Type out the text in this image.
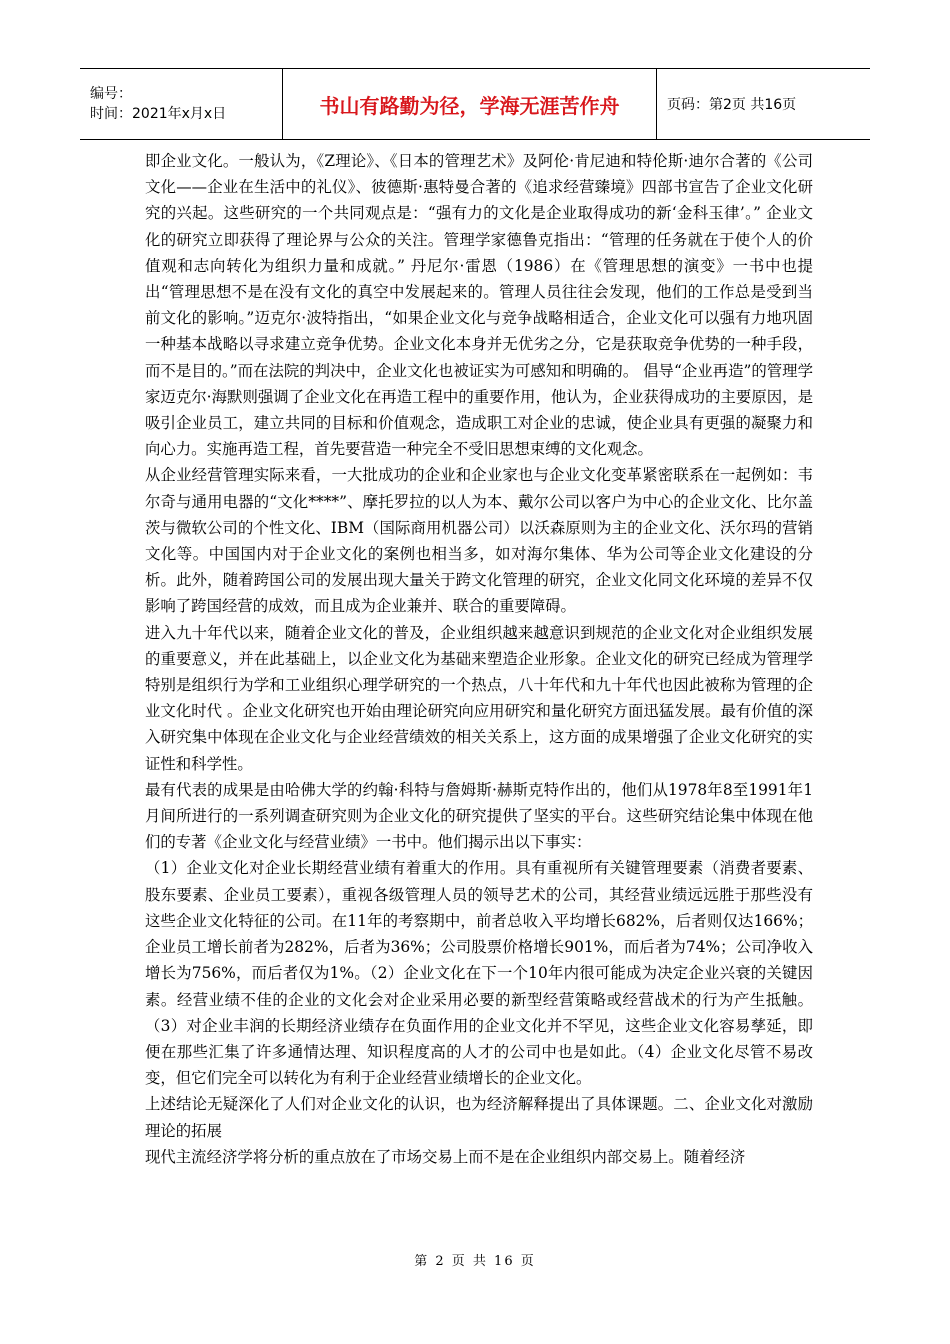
编号：
时间：2021年x月x日	书山有路勤为径，学海无涯苦作舟	页码：第2页 共16页

即企业文化。一般认为，《Z理论》、《日本的管理艺术》及阿伦·肯尼迪和特伦斯·迪尔合著的《公司文化——企业在生活中的礼仪》、彼德斯·惠特曼合著的《追求经营臻境》四部书宣告了企业文化研究的兴起。这些研究的一个共同观点是：“强有力的文化是企业取得成功的新‘金科玉律’。” 企业文化的研究立即获得了理论界与公众的关注。管理学家德鲁克指出：“管理的任务就在于使个人的价值观和志向转化为组织力量和成就。” 丹尼尔·雷恩（1986）在《管理思想的演变》一书中也提出“管理思想不是在没有文化的真空中发展起来的。管理人员往往会发现，他们的工作总是受到当前文化的影响。”迈克尔·波特指出，“如果企业文化与竞争战略相适合，企业文化可以强有力地巩固一种基本战略以寻求建立竞争优势。企业文化本身并无优劣之分，它是获取竞争优势的一种手段，而不是目的。”而在法院的判决中，企业文化也被证实为可感知和明确的。 倡导“企业再造”的管理学家迈克尔·海默则强调了企业文化在再造工程中的重要作用，他认为，企业获得成功的主要原因，是吸引企业员工，建立共同的目标和价值观念，造成职工对企业的忠诚，使企业具有更强的凝聚力和向心力。实施再造工程，首先要营造一种完全不受旧思想束缚的文化观念。

从企业经营管理实际来看，一大批成功的企业和企业家也与企业文化变革紧密联系在一起例如：韦尔奇与通用电器的“文化****”、摩托罗拉的以人为本、戴尔公司以客户为中心的企业文化、比尔盖茨与微软公司的个性文化、IBM（国际商用机器公司）以沃森原则为主的企业文化、沃尔玛的营销文化等。中国国内对于企业文化的案例也相当多，如对海尔集体、华为公司等企业文化建设的分析。此外，随着跨国公司的发展出现大量关于跨文化管理的研究，企业文化同文化环境的差异不仅影响了跨国经营的成效，而且成为企业兼并、联合的重要障碍。

进入九十年代以来，随着企业文化的普及，企业组织越来越意识到规范的企业文化对企业组织发展的重要意义，并在此基础上，以企业文化为基础来塑造企业形象。企业文化的研究已经成为管理学特别是组织行为学和工业组织心理学研究的一个热点，八十年代和九十年代也因此被称为管理的企业文化时代 。企业文化研究也开始由理论研究向应用研究和量化研究方面迅猛发展。最有价值的深入研究集中体现在企业文化与企业经营绩效的相关关系上，这方面的成果增强了企业文化研究的实证性和科学性。

最有代表的成果是由哈佛大学的约翰·科特与詹姆斯·赫斯克特作出的，他们从1978年8至1991年1月间所进行的一系列调查研究则为企业文化的研究提供了坚实的平台。这些研究结论集中体现在他们的专著《企业文化与经营业绩》一书中。他们揭示出以下事实：

（1）企业文化对企业长期经营业绩有着重大的作用。具有重视所有关键管理要素（消费者要素、股东要素、企业员工要素），重视各级管理人员的领导艺术的公司，其经营业绩远远胜于那些没有这些企业文化特征的公司。在11年的考察期中，前者总收入平均增长682%，后者则仅达166%；企业员工增长前者为282%，后者为36%；公司股票价格增长901%，而后者为74%；公司净收入增长为756%，而后者仅为1%。（2）企业文化在下一个10年内很可能成为决定企业兴衰的关键因素。经营业绩不佳的企业的文化会对企业采用必要的新型经营策略或经营战术的行为产生抵触。（3）对企业丰润的长期经济业绩存在负面作用的企业文化并不罕见，这些企业文化容易孳延，即便在那些汇集了许多通情达理、知识程度高的人才的公司中也是如此。（4）企业文化尽管不易改变，但它们完全可以转化为有利于企业经营业绩增长的企业文化。

上述结论无疑深化了人们对企业文化的认识，也为经济解释提出了具体课题。二、企业文化对激励理论的拓展

现代主流经济学将分析的重点放在了市场交易上而不是在企业组织内部交易上。随着经济

第 2 页 共 16 页
